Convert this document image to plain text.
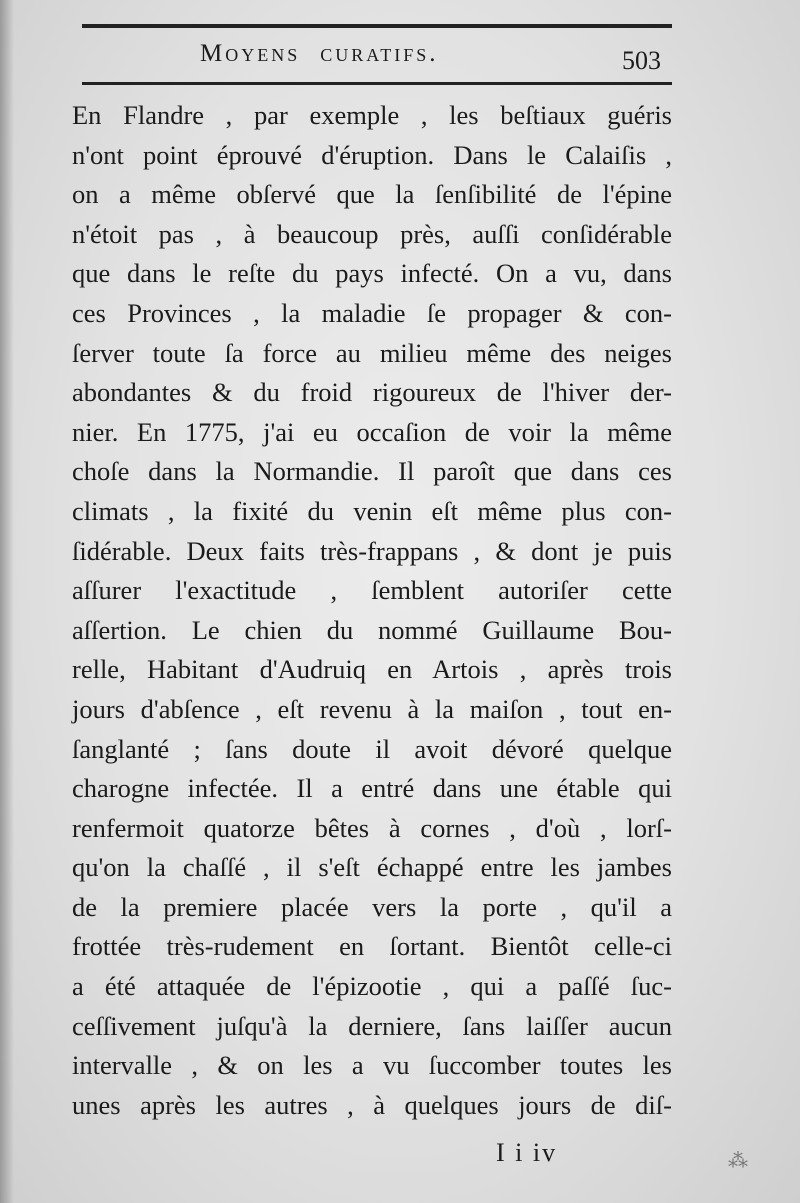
Moyens curatifs.	503
En Flandre , par exemple , les beſtiaux guéris
n'ont point éprouvé d'éruption. Dans le Calaiſis ,
on a même obſervé que la ſenſibilité de l'épine
n'étoit pas , à beaucoup près, auſſi conſidérable
que dans le reſte du pays infecté. On a vu, dans
ces Provinces , la maladie ſe propager & con-
ſerver toute ſa force au milieu même des neiges
abondantes & du froid rigoureux de l'hiver der-
nier. En 1775, j'ai eu occaſion de voir la même
choſe dans la Normandie. Il paroît que dans ces
climats , la fixité du venin eſt même plus con-
ſidérable. Deux faits très-frappans , & dont je puis
aſſurer l'exactitude , ſemblent autoriſer cette
aſſertion. Le chien du nommé Guillaume Bou-
relle, Habitant d'Audruiq en Artois , après trois
jours d'abſence , eſt revenu à la maiſon , tout en-
ſanglanté ; ſans doute il avoit dévoré quelque
charogne infectée. Il a entré dans une étable qui
renfermoit quatorze bêtes à cornes , d'où , lorſ-
qu'on la chaſſé , il s'eſt échappé entre les jambes
de la premiere placée vers la porte , qu'il a
frottée très-rudement en ſortant. Bientôt celle-ci
a été attaquée de l'épizootie , qui a paſſé ſuc-
ceſſivement juſqu'à la derniere, ſans laiſſer aucun
intervalle , & on les a vu ſuccomber toutes les
unes après les autres , à quelques jours de diſ-
I i iv	⁂
